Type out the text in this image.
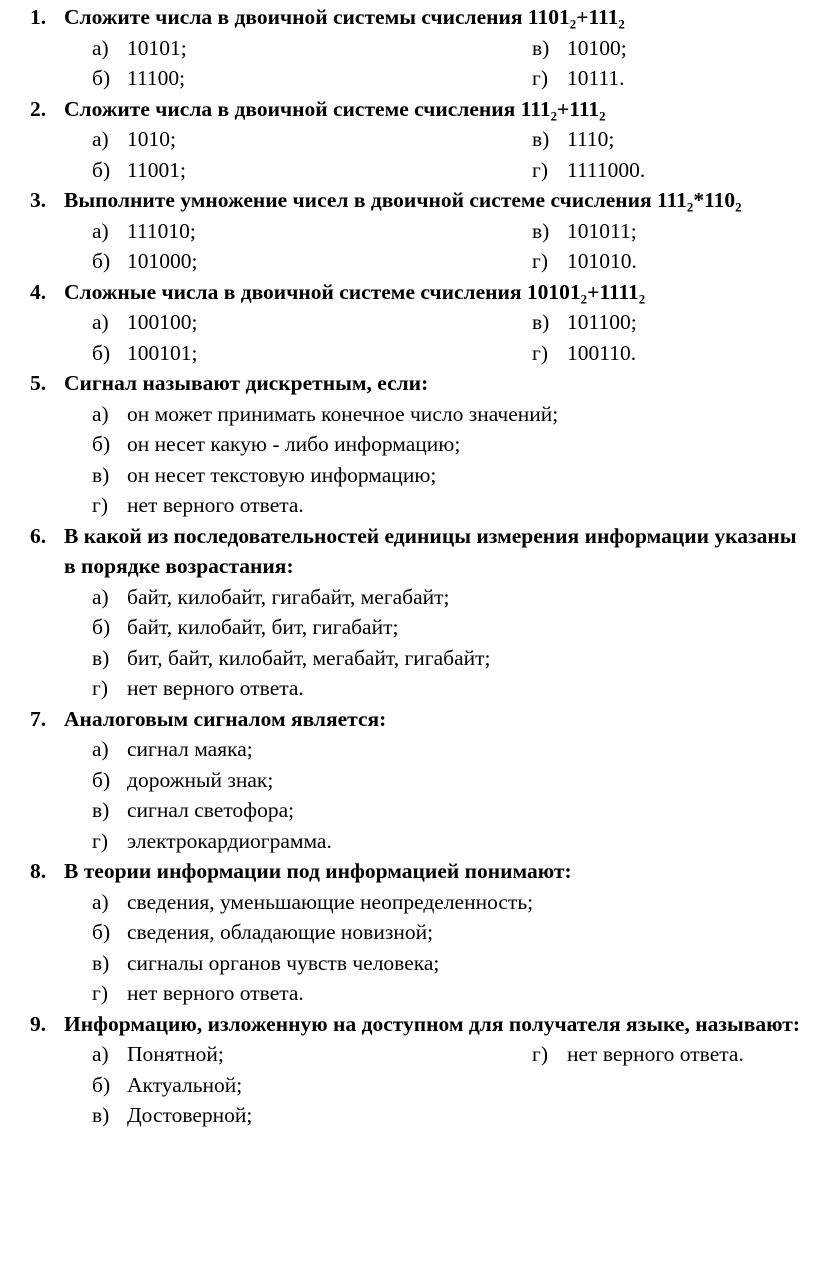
1. Сложите числа в двоичной системы счисления 1101₂+111₂
а) 10101;	в) 10100;
б) 11100;	г) 10111.
2. Сложите числа в двоичной системе счисления 111₂+111₂
а) 1010;	в) 1110;
б) 11001;	г) 1111000.
3. Выполните умножение чисел в двоичной системе счисления 111₂*110₂
а) 111010;	в) 101011;
б) 101000;	г) 101010.
4. Сложные числа в двоичной системе счисления 10101₂+1111₂
а) 100100;	в) 101100;
б) 100101;	г) 100110.
5. Сигнал называют дискретным, если:
а) он может принимать конечное число значений;
б) он несет какую - либо информацию;
в) он несет текстовую информацию;
г) нет верного ответа.
6. В какой из последовательностей единицы измерения информации указаны в порядке возрастания:
а) байт, килобайт, гигабайт, мегабайт;
б) байт, килобайт, бит, гигабайт;
в) бит, байт, килобайт, мегабайт, гигабайт;
г) нет верного ответа.
7. Аналоговым сигналом является:
а) сигнал маяка;
б) дорожный знак;
в) сигнал светофора;
г) электрокардиограмма.
8. В теории информации под информацией понимают:
а) сведения, уменьшающие неопределенность;
б) сведения, обладающие новизной;
в) сигналы органов чувств человека;
г) нет верного ответа.
9. Информацию, изложенную на доступном для получателя языке, называют:
а) Понятной;	г) нет верного ответа.
б) Актуальной;
в) Достоверной;
